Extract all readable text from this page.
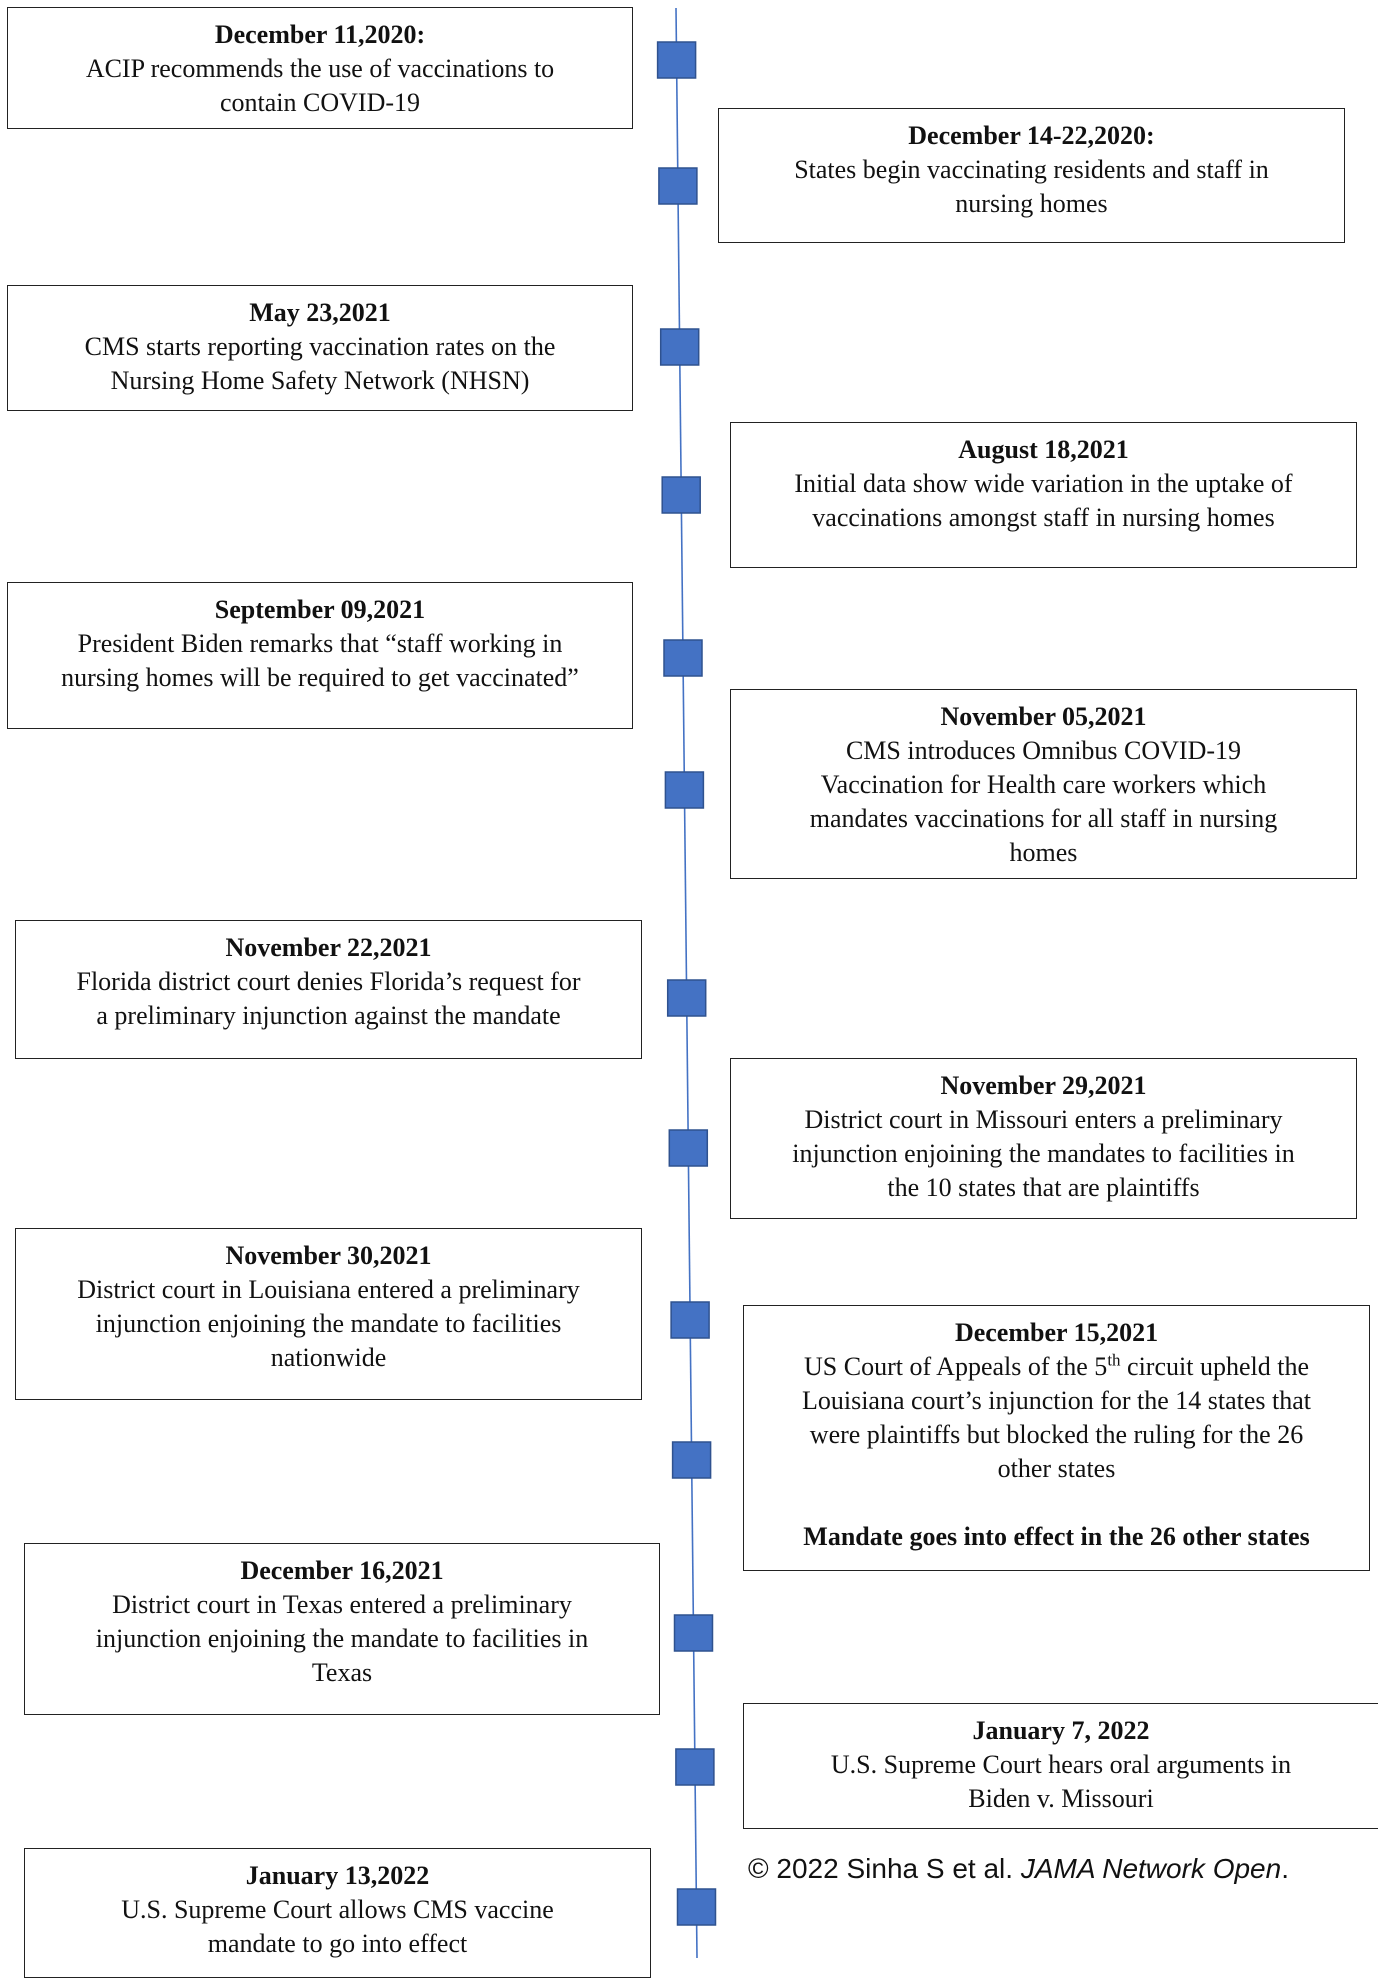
December 11,2020:
ACIP recommends the use of vaccinations to
contain COVID-19
December 14-22,2020:
States begin vaccinating residents and staff in
nursing homes
May 23,2021
CMS starts reporting vaccination rates on the
Nursing Home Safety Network (NHSN)
August 18,2021
Initial data show wide variation in the uptake of
vaccinations amongst staff in nursing homes
September 09,2021
President Biden remarks that “staff working in
nursing homes will be required to get vaccinated”
November 05,2021
CMS introduces Omnibus COVID-19
Vaccination for Health care workers which
mandates vaccinations for all staff in nursing
homes
November 22,2021
Florida district court denies Florida’s request for
a preliminary injunction against the mandate
November 29,2021
District court in Missouri enters a preliminary
injunction enjoining the mandates to facilities in
the 10 states that are plaintiffs
November 30,2021
District court in Louisiana entered a preliminary
injunction enjoining the mandate to facilities
nationwide
December 15,2021
US Court of Appeals of the 5th circuit upheld the
Louisiana court’s injunction for the 14 states that
were plaintiffs but blocked the ruling for the 26
other states
Mandate goes into effect in the 26 other states
December 16,2021
District court in Texas entered a preliminary
injunction enjoining the mandate to facilities in
Texas
January 7, 2022
U.S. Supreme Court hears oral arguments in
Biden v. Missouri
January 13,2022
U.S. Supreme Court allows CMS vaccine
mandate to go into effect
© 2022 Sinha S et al. JAMA Network Open.
